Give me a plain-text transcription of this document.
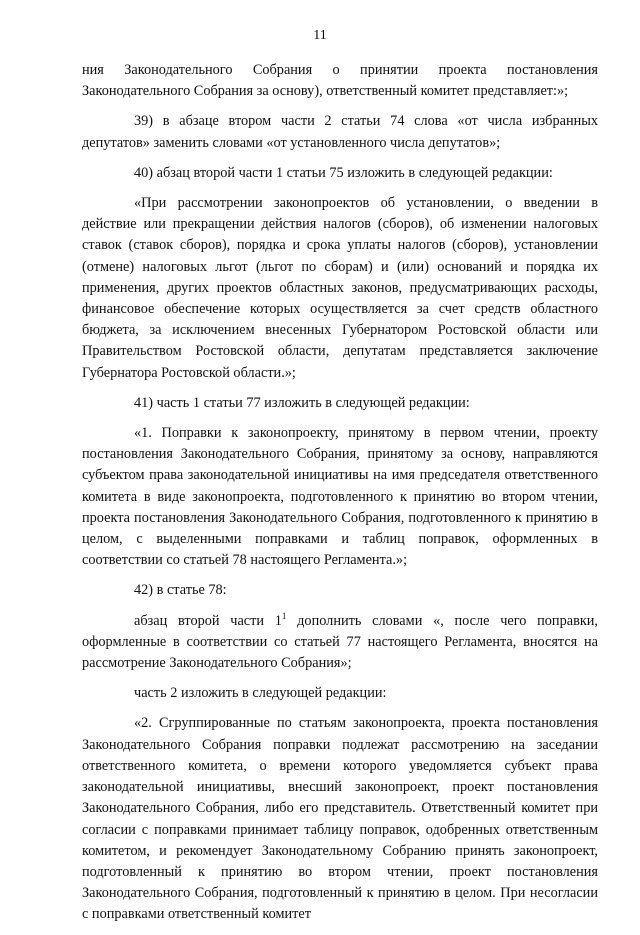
11

ния Законодательного Собрания о принятии проекта постановления Законодательного Собрания за основу), ответственный комитет представляет:»;

39) в абзаце втором части 2 статьи 74 слова «от числа избранных депутатов» заменить словами «от установленного числа депутатов»;

40) абзац второй части 1 статьи 75 изложить в следующей редакции:

«При рассмотрении законопроектов об установлении, о введении в действие или прекращении действия налогов (сборов), об изменении налоговых ставок (ставок сборов), порядка и срока уплаты налогов (сборов), установлении (отмене) налоговых льгот (льгот по сборам) и (или) оснований и порядка их применения, других проектов областных законов, предусматривающих расходы, финансовое обеспечение которых осуществляется за счет средств областного бюджета, за исключением внесенных Губернатором Ростовской области или Правительством Ростовской области, депутатам представляется заключение Губернатора Ростовской области.»;

41) часть 1 статьи 77 изложить в следующей редакции:

«1. Поправки к законопроекту, принятому в первом чтении, проекту постановления Законодательного Собрания, принятому за основу, направляются субъектом права законодательной инициативы на имя председателя ответственного комитета в виде законопроекта, подготовленного к принятию во втором чтении, проекта постановления Законодательного Собрания, подготовленного к принятию в целом, с выделенными поправками и таблиц поправок, оформленных в соответствии со статьей 78 настоящего Регламента.»;

42) в статье 78:

абзац второй части $1^1$ дополнить словами «, после чего поправки, оформленные в соответствии со статьей 77 настоящего Регламента, вносятся на рассмотрение Законодательного Собрания»;

часть 2 изложить в следующей редакции:

«2. Сгруппированные по статьям законопроекта, проекта постановления Законодательного Собрания поправки подлежат рассмотрению на заседании ответственного комитета, о времени которого уведомляется субъект права законодательной инициативы, внесший законопроект, проект постановления Законодательного Собрания, либо его представитель. Ответственный комитет при согласии с поправками принимает таблицу поправок, одобренных ответственным комитетом, и рекомендует Законодательному Собранию принять законопроект, подготовленный к принятию во втором чтении, проект постановления Законодательного Собрания, подготовленный к принятию в целом. При несогласии с поправками ответственный комитет
